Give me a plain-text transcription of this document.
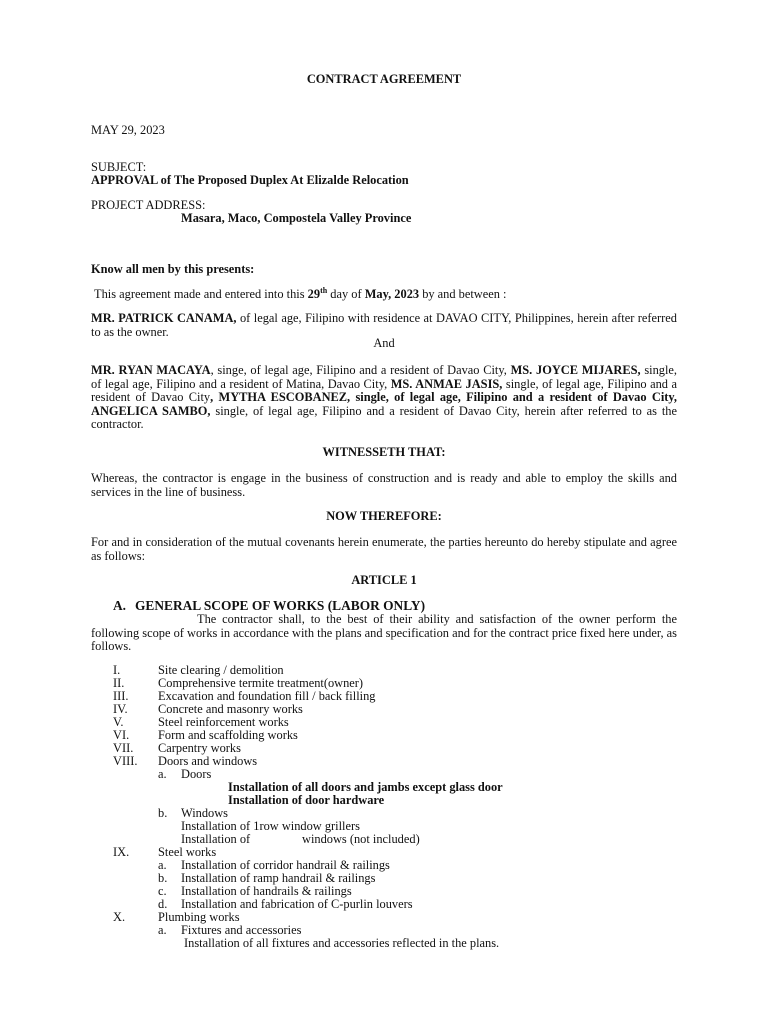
CONTRACT AGREEMENT
MAY 29, 2023
SUBJECT:
APPROVAL of The Proposed Duplex At Elizalde Relocation
PROJECT ADDRESS:
Masara, Maco, Compostela Valley Province
Know all men by this presents:
This agreement made and entered into this 29th day of May, 2023 by and between :

MR. PATRICK CANAMA, of legal age, Filipino with residence at DAVAO CITY, Philippines, herein after referred to as the owner.

And

MR. RYAN MACAYA, singe, of legal age, Filipino and a resident of Davao City, MS. JOYCE MIJARES, single, of legal age, Filipino and a resident of Matina, Davao City, MS. ANMAE JASIS, single, of legal age, Filipino and a resident of Davao City, MYTHA ESCOBANEZ, single, of legal age, Filipino and a resident of Davao City, ANGELICA SAMBO, single, of legal age, Filipino and a resident of Davao City, herein after referred to as the contractor.

WITNESSETH THAT:

Whereas, the contractor is engage in the business of construction and is ready and able to employ the skills and services in the line of business.

NOW THEREFORE:

For and in consideration of the mutual covenants herein enumerate, the parties hereunto do hereby stipulate and agree as follows:

ARTICLE 1
A. GENERAL SCOPE OF WORKS (LABOR ONLY)

The contractor shall, to the best of their ability and satisfaction of the owner perform the following scope of works in accordance with the plans and specification and for the contract price fixed here under, as follows.

I.	Site clearing / demolition
II.	Comprehensive termite treatment(owner)
III. Excavation and foundation fill / back filling
IV. Concrete and masonry works
V.	Steel reinforcement works
VI. Form and scaffolding works
VII. Carpentry works
VIII. Doors and windows
a. Doors
Installation of all doors and jambs except glass door
Installation of door hardware
b. Windows
Installation of 1row window grillers
Installation of	windows (not included)
IX. Steel works
a. Installation of corridor handrail & railings
b. Installation of ramp handrail & railings
c. Installation of handrails & railings
d. Installation and fabrication of C-purlin louvers
X.	Plumbing works
a. Fixtures and accessories
Installation of all fixtures and accessories reflected in the plans.
